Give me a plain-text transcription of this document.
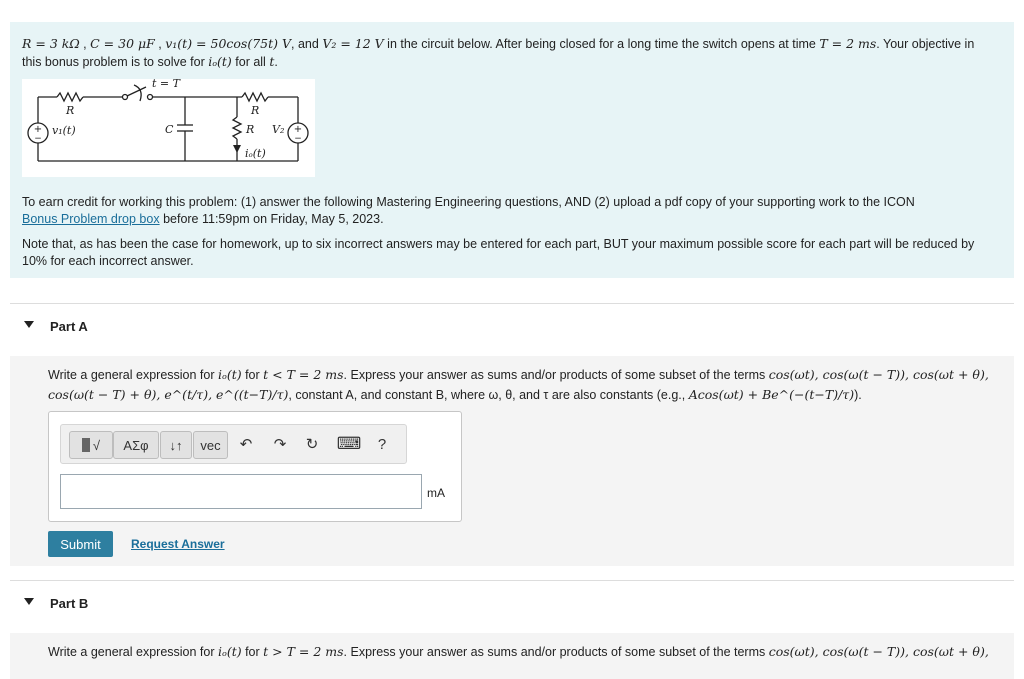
R = 3 kΩ , C = 30 μF , v₁(t) = 50cos(75t) V, and V₂ = 12 V in the circuit below. After being closed for a long time the switch opens at time T = 2 ms. Your objective in this bonus problem is to solve for iₒ(t) for all t.

+
−
+
−
t = T
R	R
C	R
v₁(t)	V₂
iₒ(t)

To earn credit for working this problem: (1) answer the following Mastering Engineering questions, AND (2) upload a pdf copy of your supporting work to the ICON
Bonus Problem drop box before 11:59pm on Friday, May 5, 2023.

Note that, as has been the case for homework, up to six incorrect answers may be entered for each part, BUT your maximum possible score for each part will be reduced by 10% for each incorrect answer.

Part A

Write a general expression for iₒ(t) for t < T = 2 ms. Express your answer as sums and/or products of some subset of the terms cos(ωt), cos(ω(t − T)), cos(ωt + θ),
cos(ω(t − T) + θ), e^(t/τ), e^((t−T)/τ), constant A, and constant B, where ω, θ, and τ are also constants (e.g., Acos(ωt) + Be^(−(t−T)/τ)).

√ ΑΣφ ↓↑ vec ↶ ↷ ↻ ⌨	?
mA
Submit	Request Answer
Part B

Write a general expression for iₒ(t) for t > T = 2 ms. Express your answer as sums and/or products of some subset of the terms cos(ωt), cos(ω(t − T)), cos(ωt + θ),
